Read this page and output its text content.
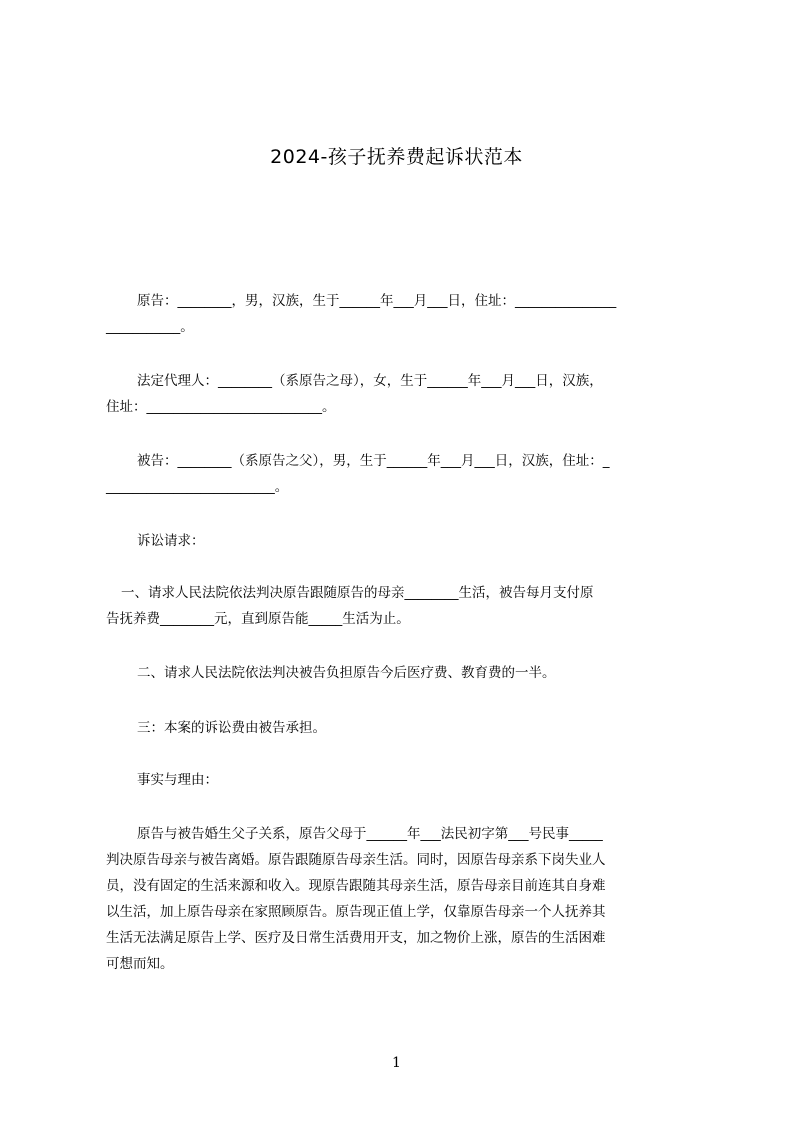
2024-孩子抚养费起诉状范本
原告：________，男，汉族，生于______年___月___日，住址：_______________
___________。
法定代理人：________（系原告之母），女，生于______年___月___日，汉族，
住址：__________________________。
被告：________（系原告之父），男，生于______年___月___日，汉族，住址：_
_________________________。
诉讼请求：
一、请求人民法院依法判决原告跟随原告的母亲________生活，被告每月支付原
告抚养费________元，直到原告能_____生活为止。
二、请求人民法院依法判决被告负担原告今后医疗费、教育费的一半。
三：本案的诉讼费由被告承担。
事实与理由：
原告与被告婚生父子关系，原告父母于______年___法民初字第___号民事_____
判决原告母亲与被告离婚。原告跟随原告母亲生活。同时，因原告母亲系下岗失业人
员，没有固定的生活来源和收入。现原告跟随其母亲生活，原告母亲目前连其自身难
以生活，加上原告母亲在家照顾原告。原告现正值上学，仅靠原告母亲一个人抚养其
生活无法满足原告上学、医疗及日常生活费用开支，加之物价上涨，原告的生活困难
可想而知。
1
